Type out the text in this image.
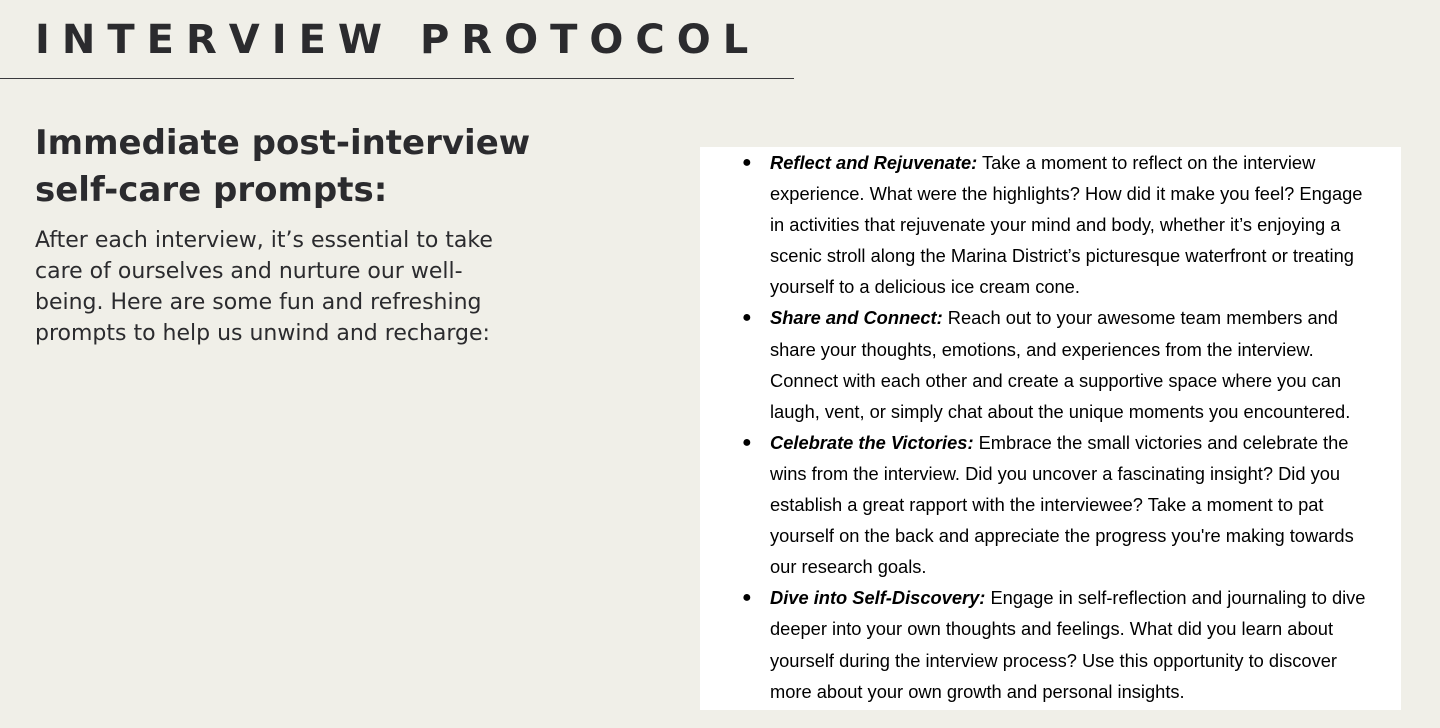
INTERVIEW PROTOCOL
Immediate post-interview self-care prompts:

After each interview, it’s essential to take care of ourselves and nurture our well-being. Here are some fun and refreshing prompts to help us unwind and recharge:

● Reflect and Rejuvenate: Take a moment to reflect on the interview experience. What were the highlights? How did it make you feel? Engage in activities that rejuvenate your mind and body, whether it’s enjoying a scenic stroll along the Marina District’s picturesque waterfront or treating yourself to a delicious ice cream cone.
● Share and Connect: Reach out to your awesome team members and share your thoughts, emotions, and experiences from the interview. Connect with each other and create a supportive space where you can laugh, vent, or simply chat about the unique moments you encountered.
● Celebrate the Victories: Embrace the small victories and celebrate the wins from the interview. Did you uncover a fascinating insight? Did you establish a great rapport with the interviewee? Take a moment to pat yourself on the back and appreciate the progress you're making towards our research goals.
● Dive into Self-Discovery: Engage in self-reflection and journaling to dive deeper into your own thoughts and feelings. What did you learn about yourself during the interview process? Use this opportunity to discover more about your own growth and personal insights.
